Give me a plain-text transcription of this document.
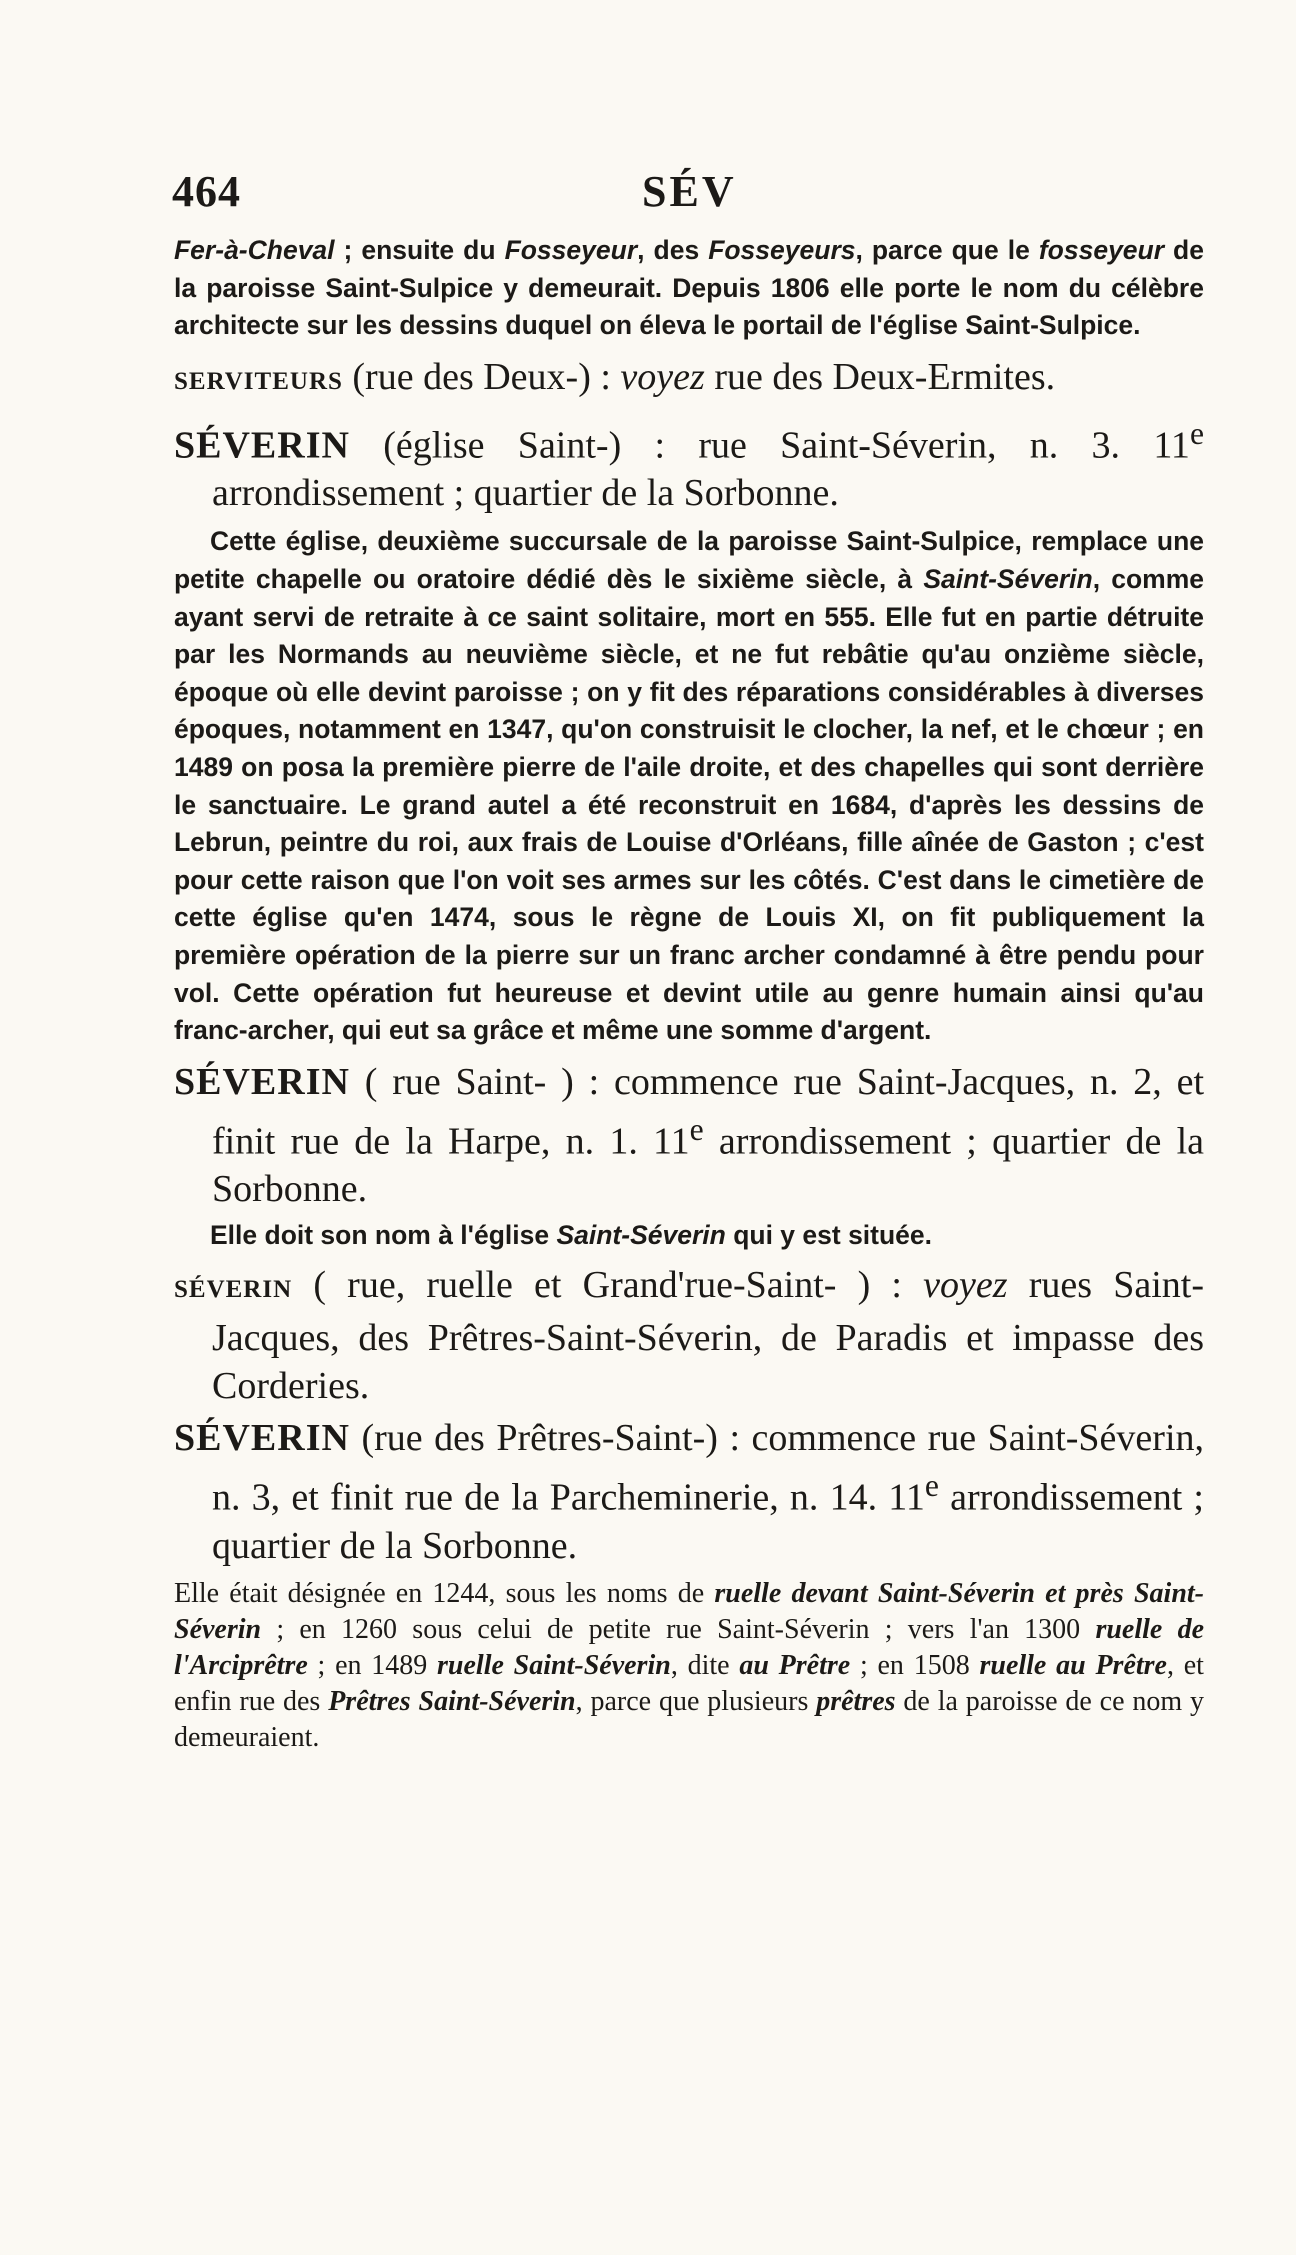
464	SÉV

Fer-à-Cheval ; ensuite du Fosseyeur, des Fosseyeurs, parce que le fosseyeur de la paroisse Saint-Sulpice y demeurait. Depuis 1806 elle porte le nom du célèbre architecte sur les dessins duquel on éleva le portail de l'église Saint-Sulpice.

SERVITEURS (rue des Deux-) : voyez rue des Deux-Ermites.

SÉVERIN (église Saint-) : rue Saint-Séverin, n. 3. 11e arrondissement ; quartier de la Sorbonne.

Cette église, deuxième succursale de la paroisse Saint-Sulpice, remplace une petite chapelle ou oratoire dédié dès le sixième siècle, à Saint-Séverin, comme ayant servi de retraite à ce saint solitaire, mort en 555. Elle fut en partie détruite par les Normands au neuvième siècle, et ne fut rebâtie qu'au onzième siècle, époque où elle devint paroisse ; on y fit des réparations considérables à diverses époques, notamment en 1347, qu'on construisit le clocher, la nef, et le chœur ; en 1489 on posa la première pierre de l'aile droite, et des chapelles qui sont derrière le sanctuaire. Le grand autel a été reconstruit en 1684, d'après les dessins de Lebrun, peintre du roi, aux frais de Louise d'Orléans, fille aînée de Gaston ; c'est pour cette raison que l'on voit ses armes sur les côtés. C'est dans le cimetière de cette église qu'en 1474, sous le règne de Louis XI, on fit publiquement la première opération de la pierre sur un franc archer condamné à être pendu pour vol. Cette opération fut heureuse et devint utile au genre humain ainsi qu'au franc-archer, qui eut sa grâce et même une somme d'argent.

SÉVERIN ( rue Saint- ) : commence rue Saint-Jacques, n. 2, et finit rue de la Harpe, n. 1. 11e arrondissement ; quartier de la Sorbonne.

Elle doit son nom à l'église Saint-Séverin qui y est située.

SÉVERIN ( rue, ruelle et Grand'rue-Saint- ) : voyez rues Saint-Jacques, des Prêtres-Saint-Séverin, de Paradis et impasse des Corderies.

SÉVERIN (rue des Prêtres-Saint-) : commence rue Saint-Séverin, n. 3, et finit rue de la Parcheminerie, n. 14. 11e arrondissement ; quartier de la Sorbonne.

Elle était désignée en 1244, sous les noms de ruelle devant Saint-Séverin et près Saint-Séverin ; en 1260 sous celui de petite rue Saint-Séverin ; vers l'an 1300 ruelle de l'Arciprêtre ; en 1489 ruelle Saint-Séverin, dite au Prêtre ; en 1508 ruelle au Prêtre, et enfin rue des Prêtres Saint-Séverin, parce que plusieurs prêtres de la paroisse de ce nom y demeuraient.
